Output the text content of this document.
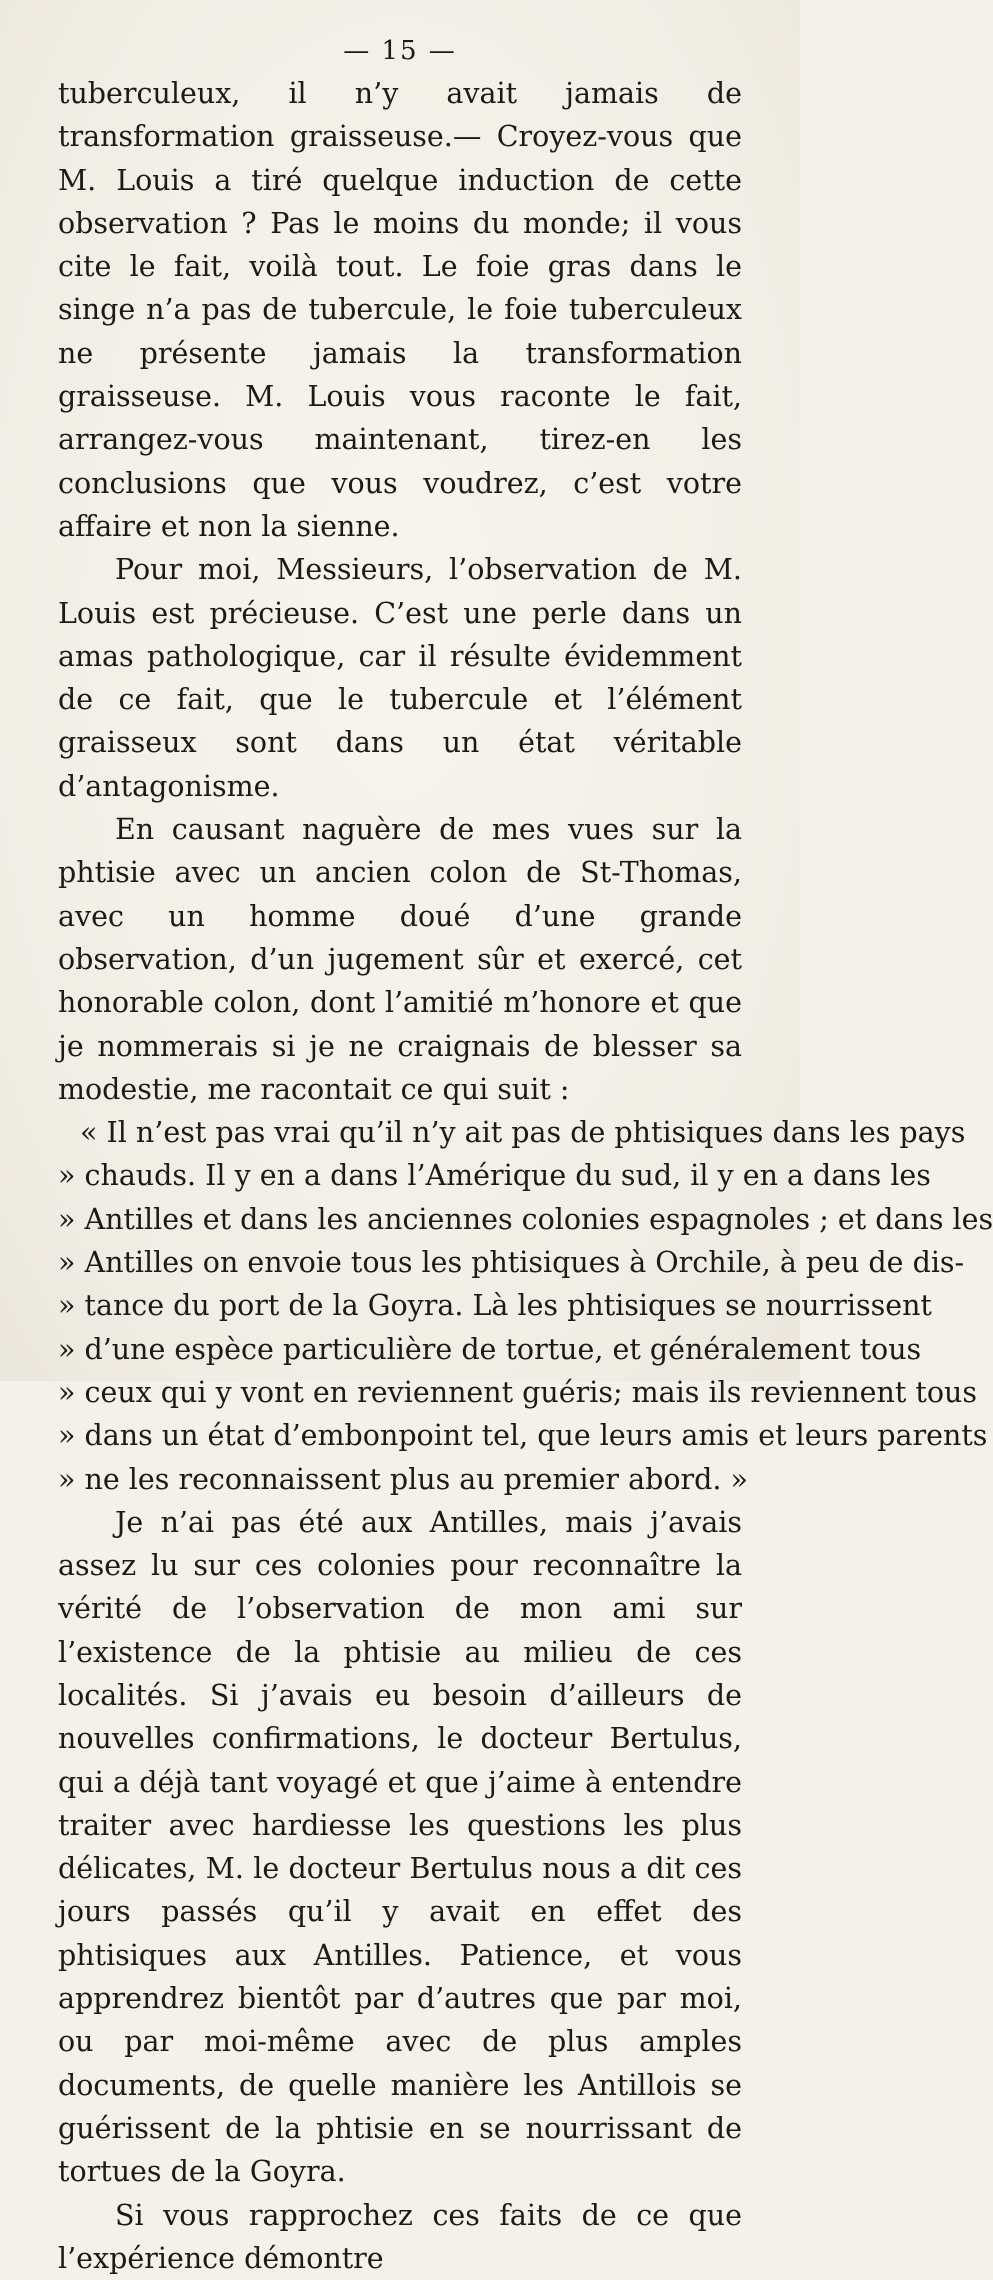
— 15 —

tuberculeux, il n’y avait jamais de transformation graisseuse.— Croyez-vous que M. Louis a tiré quelque induction de cette observation ? Pas le moins du monde; il vous cite le fait, voilà tout. Le foie gras dans le singe n’a pas de tubercule, le foie tuberculeux ne présente jamais la transformation graisseuse. M. Louis vous raconte le fait, arrangez-vous maintenant, tirez-en les conclusions que vous voudrez, c’est votre affaire et non la sienne.

Pour moi, Messieurs, l’observation de M. Louis est précieuse. C’est une perle dans un amas pathologique, car il résulte évidemment de ce fait, que le tubercule et l’élément graisseux sont dans un état véritable d’antagonisme.

En causant naguère de mes vues sur la phtisie avec un ancien colon de St-Thomas, avec un homme doué d’une grande observation, d’un jugement sûr et exercé, cet honorable colon, dont l’amitié m’honore et que je nommerais si je ne craignais de blesser sa modestie, me racontait ce qui suit :

« Il n’est pas vrai qu’il n’y ait pas de phtisiques dans les pays
» chauds. Il y en a dans l’Amérique du sud, il y en a dans les
» Antilles et dans les anciennes colonies espagnoles ; et dans les
» Antilles on envoie tous les phtisiques à Orchile, à peu de dis-
» tance du port de la Goyra. Là les phtisiques se nourrissent
» d’une espèce particulière de tortue, et généralement tous
» ceux qui y vont en reviennent guéris; mais ils reviennent tous
» dans un état d’embonpoint tel, que leurs amis et leurs parents
» ne les reconnaissent plus au premier abord. »

Je n’ai pas été aux Antilles, mais j’avais assez lu sur ces colonies pour reconnaître la vérité de l’observation de mon ami sur l’existence de la phtisie au milieu de ces localités. Si j’avais eu besoin d’ailleurs de nouvelles confirmations, le docteur Bertulus, qui a déjà tant voyagé et que j’aime à entendre traiter avec hardiesse les questions les plus délicates, M. le docteur Bertulus nous a dit ces jours passés qu’il y avait en effet des phtisiques aux Antilles. Patience, et vous apprendrez bientôt par d’autres que par moi, ou par moi-même avec de plus amples documents, de quelle manière les Antillois se guérissent de la phtisie en se nourrissant de tortues de la Goyra.

Si vous rapprochez ces faits de ce que l’expérience démontre
